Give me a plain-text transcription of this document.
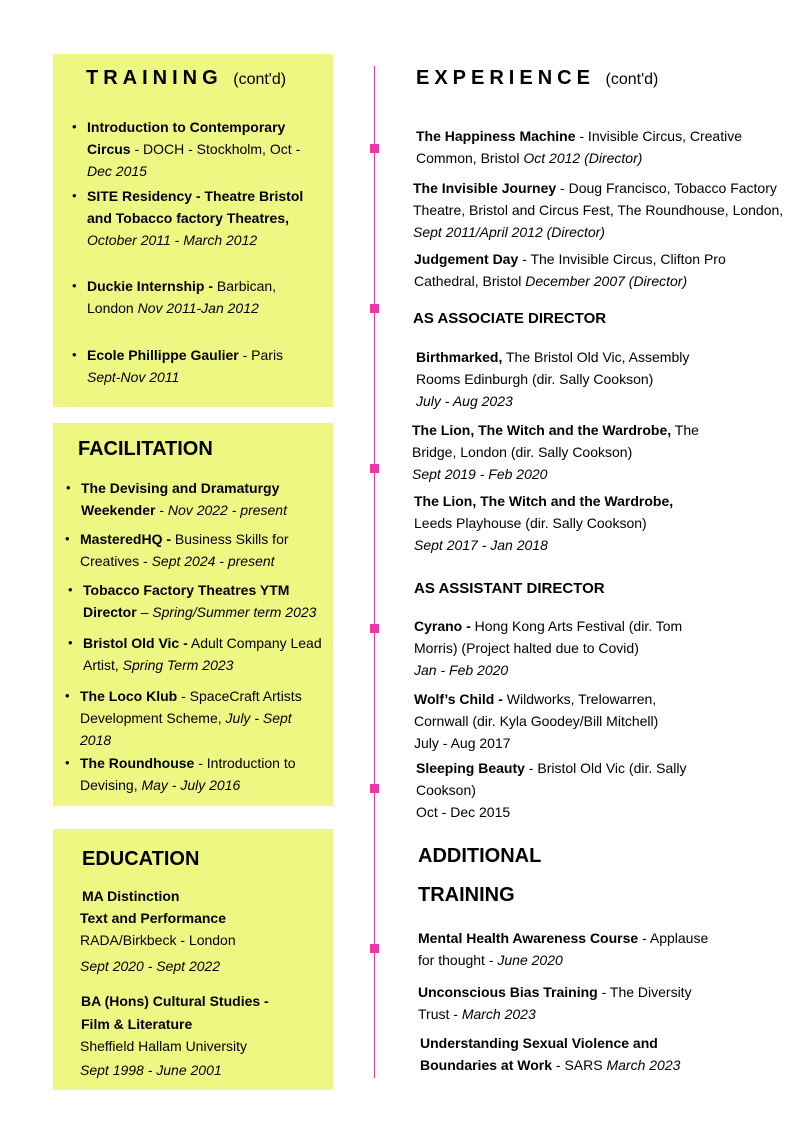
TRAINING (cont'd)
• Introduction to Contemporary Circus - DOCH - Stockholm, Oct -Dec 2015
• SITE Residency - Theatre Bristol and Tobacco factory Theatres, October 2011 - March 2012
• Duckie Internship - Barbican, London Nov 2011-Jan 2012
• Ecole Phillippe Gaulier - Paris Sept-Nov 2011
FACILITATION
• The Devising and Dramaturgy Weekender - Nov 2022 - present
• MasteredHQ - Business Skills for Creatives - Sept 2024 - present
• Tobacco Factory Theatres YTM Director – Spring/Summer term 2023
• Bristol Old Vic - Adult Company Lead Artist, Spring Term 2023
• The Loco Klub - SpaceCraft Artists Development Scheme, July - Sept 2018
• The Roundhouse - Introduction to Devising, May - July 2016
EDUCATION
MA Distinction
Text and Performance
RADA/Birkbeck - London
Sept 2020 - Sept 2022
BA (Hons) Cultural Studies -
Film & Literature
Sheffield Hallam University
Sept 1998 - June 2001
EXPERIENCE (cont'd)
The Happiness Machine - Invisible Circus, Creative Common, Bristol Oct 2012 (Director)
The Invisible Journey - Doug Francisco, Tobacco Factory Theatre, Bristol and Circus Fest, The Roundhouse, London, Sept 2011/April 2012 (Director)
Judgement Day - The Invisible Circus, Clifton Pro Cathedral, Bristol December 2007 (Director)
AS ASSOCIATE DIRECTOR
Birthmarked, The Bristol Old Vic, Assembly Rooms Edinburgh (dir. Sally Cookson)
July - Aug 2023
The Lion, The Witch and the Wardrobe, The Bridge, London (dir. Sally Cookson)
Sept 2019 - Feb 2020
The Lion, The Witch and the Wardrobe, Leeds Playhouse (dir. Sally Cookson)
Sept 2017 - Jan 2018
AS ASSISTANT DIRECTOR
Cyrano - Hong Kong Arts Festival (dir. Tom Morris) (Project halted due to Covid)
Jan - Feb 2020
Wolf’s Child - Wildworks, Trelowarren, Cornwall (dir. Kyla Goodey/Bill Mitchell)
July - Aug 2017
Sleeping Beauty - Bristol Old Vic (dir. Sally Cookson)
Oct - Dec 2015
ADDITIONAL
TRAINING
Mental Health Awareness Course - Applause for thought - June 2020
Unconscious Bias Training - The Diversity Trust - March 2023
Understanding Sexual Violence and Boundaries at Work - SARS March 2023
